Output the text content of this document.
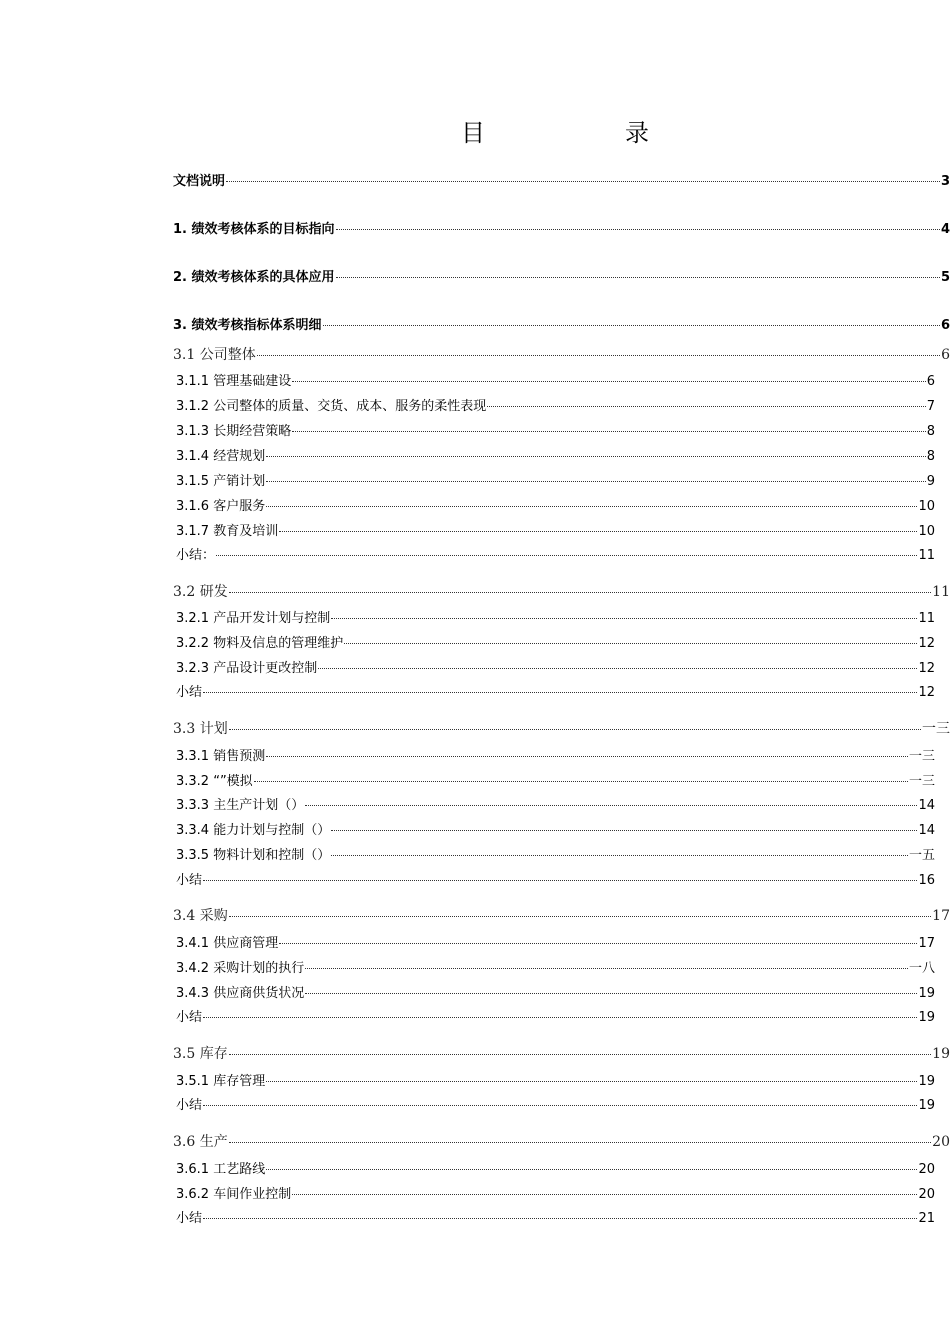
目	录
文档说明	3
1. 绩效考核体系的目标指向	4
2. 绩效考核体系的具体应用	5
3. 绩效考核指标体系明细	6
3.1 公司整体	6
3.1.1 管理基础建设	6
3.1.2 公司整体的质量、交货、成本、服务的柔性表现	7
3.1.3 长期经营策略	8
3.1.4 经营规划	8
3.1.5 产销计划	9
3.1.6 客户服务	10
3.1.7 教育及培训	10
小结：	11
3.2 研发	11
3.2.1 产品开发计划与控制	11
3.2.2 物料及信息的管理维护	12
3.2.3 产品设计更改控制	12
小结	12
3.3 计划	一三
3.3.1 销售预测	一三
3.3.2 “”模拟	一三
3.3.3 主生产计划（）	14
3.3.4 能力计划与控制（）	14
3.3.5 物料计划和控制（）	一五
小结	16
3.4 采购	17
3.4.1 供应商管理	17
3.4.2 采购计划的执行	一八
3.4.3 供应商供货状况	19
小结	19
3.5 库存	19
3.5.1 库存管理	19
小结	19
3.6 生产	20
3.6.1 工艺路线	20
3.6.2 车间作业控制	20
小结	21
